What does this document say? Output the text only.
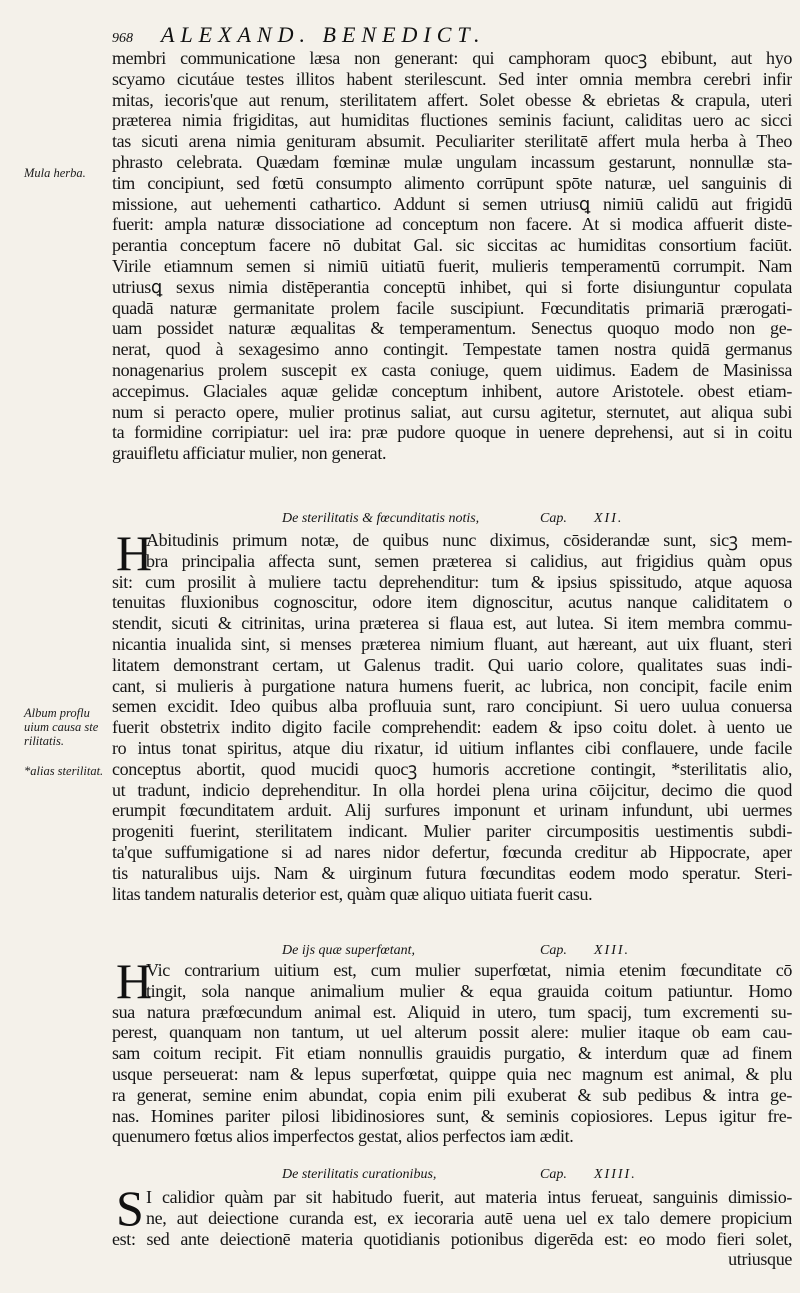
968 ALEXAND. BENEDICT.
Mula herba.
Album proflu uium causa ste rilitatis.
*alias sterilitat.
membri communicatione læsa non generant: qui camphoram quocꝫ ebibunt, aut hyo
scyamo cicutáue testes illitos habent sterilescunt. Sed inter omnia membra cerebri infir
mitas, iecoris'que aut renum, sterilitatem affert. Solet obesse & ebrietas & crapula, uteri
præterea nimia frigiditas, aut humiditas fluctiones seminis faciunt, caliditas uero ac sicci
tas sicuti arena nimia genituram absumit. Peculiariter sterilitatē affert mula herba à Theo
phrasto celebrata. Quædam fœminæ mulæ ungulam incassum gestarunt, nonnullæ sta-
tim concipiunt, sed fœtū consumpto alimento corrūpunt spōte naturæ, uel sanguinis di
missione, aut uehementi cathartico. Addunt si semen utriusꝗ nimiū calidū aut frigidū
fuerit: ampla naturæ dissociatione ad conceptum non facere. At si modica affuerit diste-
perantia conceptum facere nō dubitat Gal. sic siccitas ac humiditas consortium faciūt.
Virile etiamnum semen si nimiū uitiatū fuerit, mulieris temperamentū corrumpit. Nam
utriusꝗ sexus nimia distēperantia conceptū inhibet, qui si forte disiunguntur copulata
quadā naturæ germanitate prolem facile suscipiunt. Fœcunditatis primariā prærogati-
uam possidet naturæ æqualitas & temperamentum. Senectus quoquo modo non ge-
nerat, quod à sexagesimo anno contingit. Tempestate tamen nostra quidā germanus
nonagenarius prolem suscepit ex casta coniuge, quem uidimus. Eadem de Masinissa
accepimus. Glaciales aquæ gelidæ conceptum inhibent, autore Aristotele. obest etiam-
num si peracto opere, mulier protinus saliat, aut cursu agitetur, sternutet, aut aliqua subi
ta formidine corripiatur: uel ira: præ pudore quoque in uenere deprehensi, aut si in coitu
grauifletu afficiatur mulier, non generat.
De sterilitatis & fœcunditatis notis,	Cap. XII.
H
Abitudinis primum notæ, de quibus nunc diximus, cōsiderandæ sunt, sicꝫ mem-
bra principalia affecta sunt, semen præterea si calidius, aut frigidius quàm opus
sit: cum prosilit à muliere tactu deprehenditur: tum & ipsius spissitudo, atque aquosa
tenuitas fluxionibus cognoscitur, odore item dignoscitur, acutus nanque caliditatem o
stendit, sicuti & citrinitas, urina præterea si flaua est, aut lutea. Si item membra commu-
nicantia inualida sint, si menses præterea nimium fluant, aut hæreant, aut uix fluant, steri
litatem demonstrant certam, ut Galenus tradit. Qui uario colore, qualitates suas indi-
cant, si mulieris à purgatione natura humens fuerit, ac lubrica, non concipit, facile enim
semen excidit. Ideo quibus alba profluuia sunt, raro concipiunt. Si uero uulua conuersa
fuerit obstetrix indito digito facile comprehendit: eadem & ipso coitu dolet. à uento ue
ro intus tonat spiritus, atque diu rixatur, id uitium inflantes cibi conflauere, unde facile
conceptus abortit, quod mucidi quocꝫ humoris accretione contingit, *sterilitatis alio,
ut tradunt, indicio deprehenditur. In olla hordei plena urina cōijcitur, decimo die quod
erumpit fœcunditatem arduit. Alij surfures imponunt et urinam infundunt, ubi uermes
progeniti fuerint, sterilitatem indicant. Mulier pariter circumpositis uestimentis subdi-
ta'que suffumigatione si ad nares nidor defertur, fœcunda creditur ab Hippocrate, aper
tis naturalibus uijs. Nam & uirginum futura fœcunditas eodem modo speratur. Steri-
litas tandem naturalis deterior est, quàm quæ aliquo uitiata fuerit casu.
De ijs quæ superfœtant,	Cap. XIII.
H
Vic contrarium uitium est, cum mulier superfœtat, nimia etenim fœcunditate cō
tingit, sola nanque animalium mulier & equa grauida coitum patiuntur. Homo
sua natura præfœcundum animal est. Aliquid in utero, tum spacij, tum excrementi su-
perest, quanquam non tantum, ut uel alterum possit alere: mulier itaque ob eam cau-
sam coitum recipit. Fit etiam nonnullis grauidis purgatio, & interdum quæ ad finem
usque perseuerat: nam & lepus superfœtat, quippe quia nec magnum est animal, & plu
ra generat, semine enim abundat, copia enim pili exuberat & sub pedibus & intra ge-
nas. Homines pariter pilosi libidinosiores sunt, & seminis copiosiores. Lepus igitur fre-
quenumero fœtus alios imperfectos gestat, alios perfectos iam ædit.
De sterilitatis curationibus,	Cap. XIIII.
S I calidior quàm par sit habitudo fuerit, aut materia intus ferueat, sanguinis dimissio-
ne, aut deiectione curanda est, ex iecoraria autē uena uel ex talo demere propicium
est: sed ante deiectionē materia quotidianis potionibus digerēda est: eo modo fieri solet,
utriusque
